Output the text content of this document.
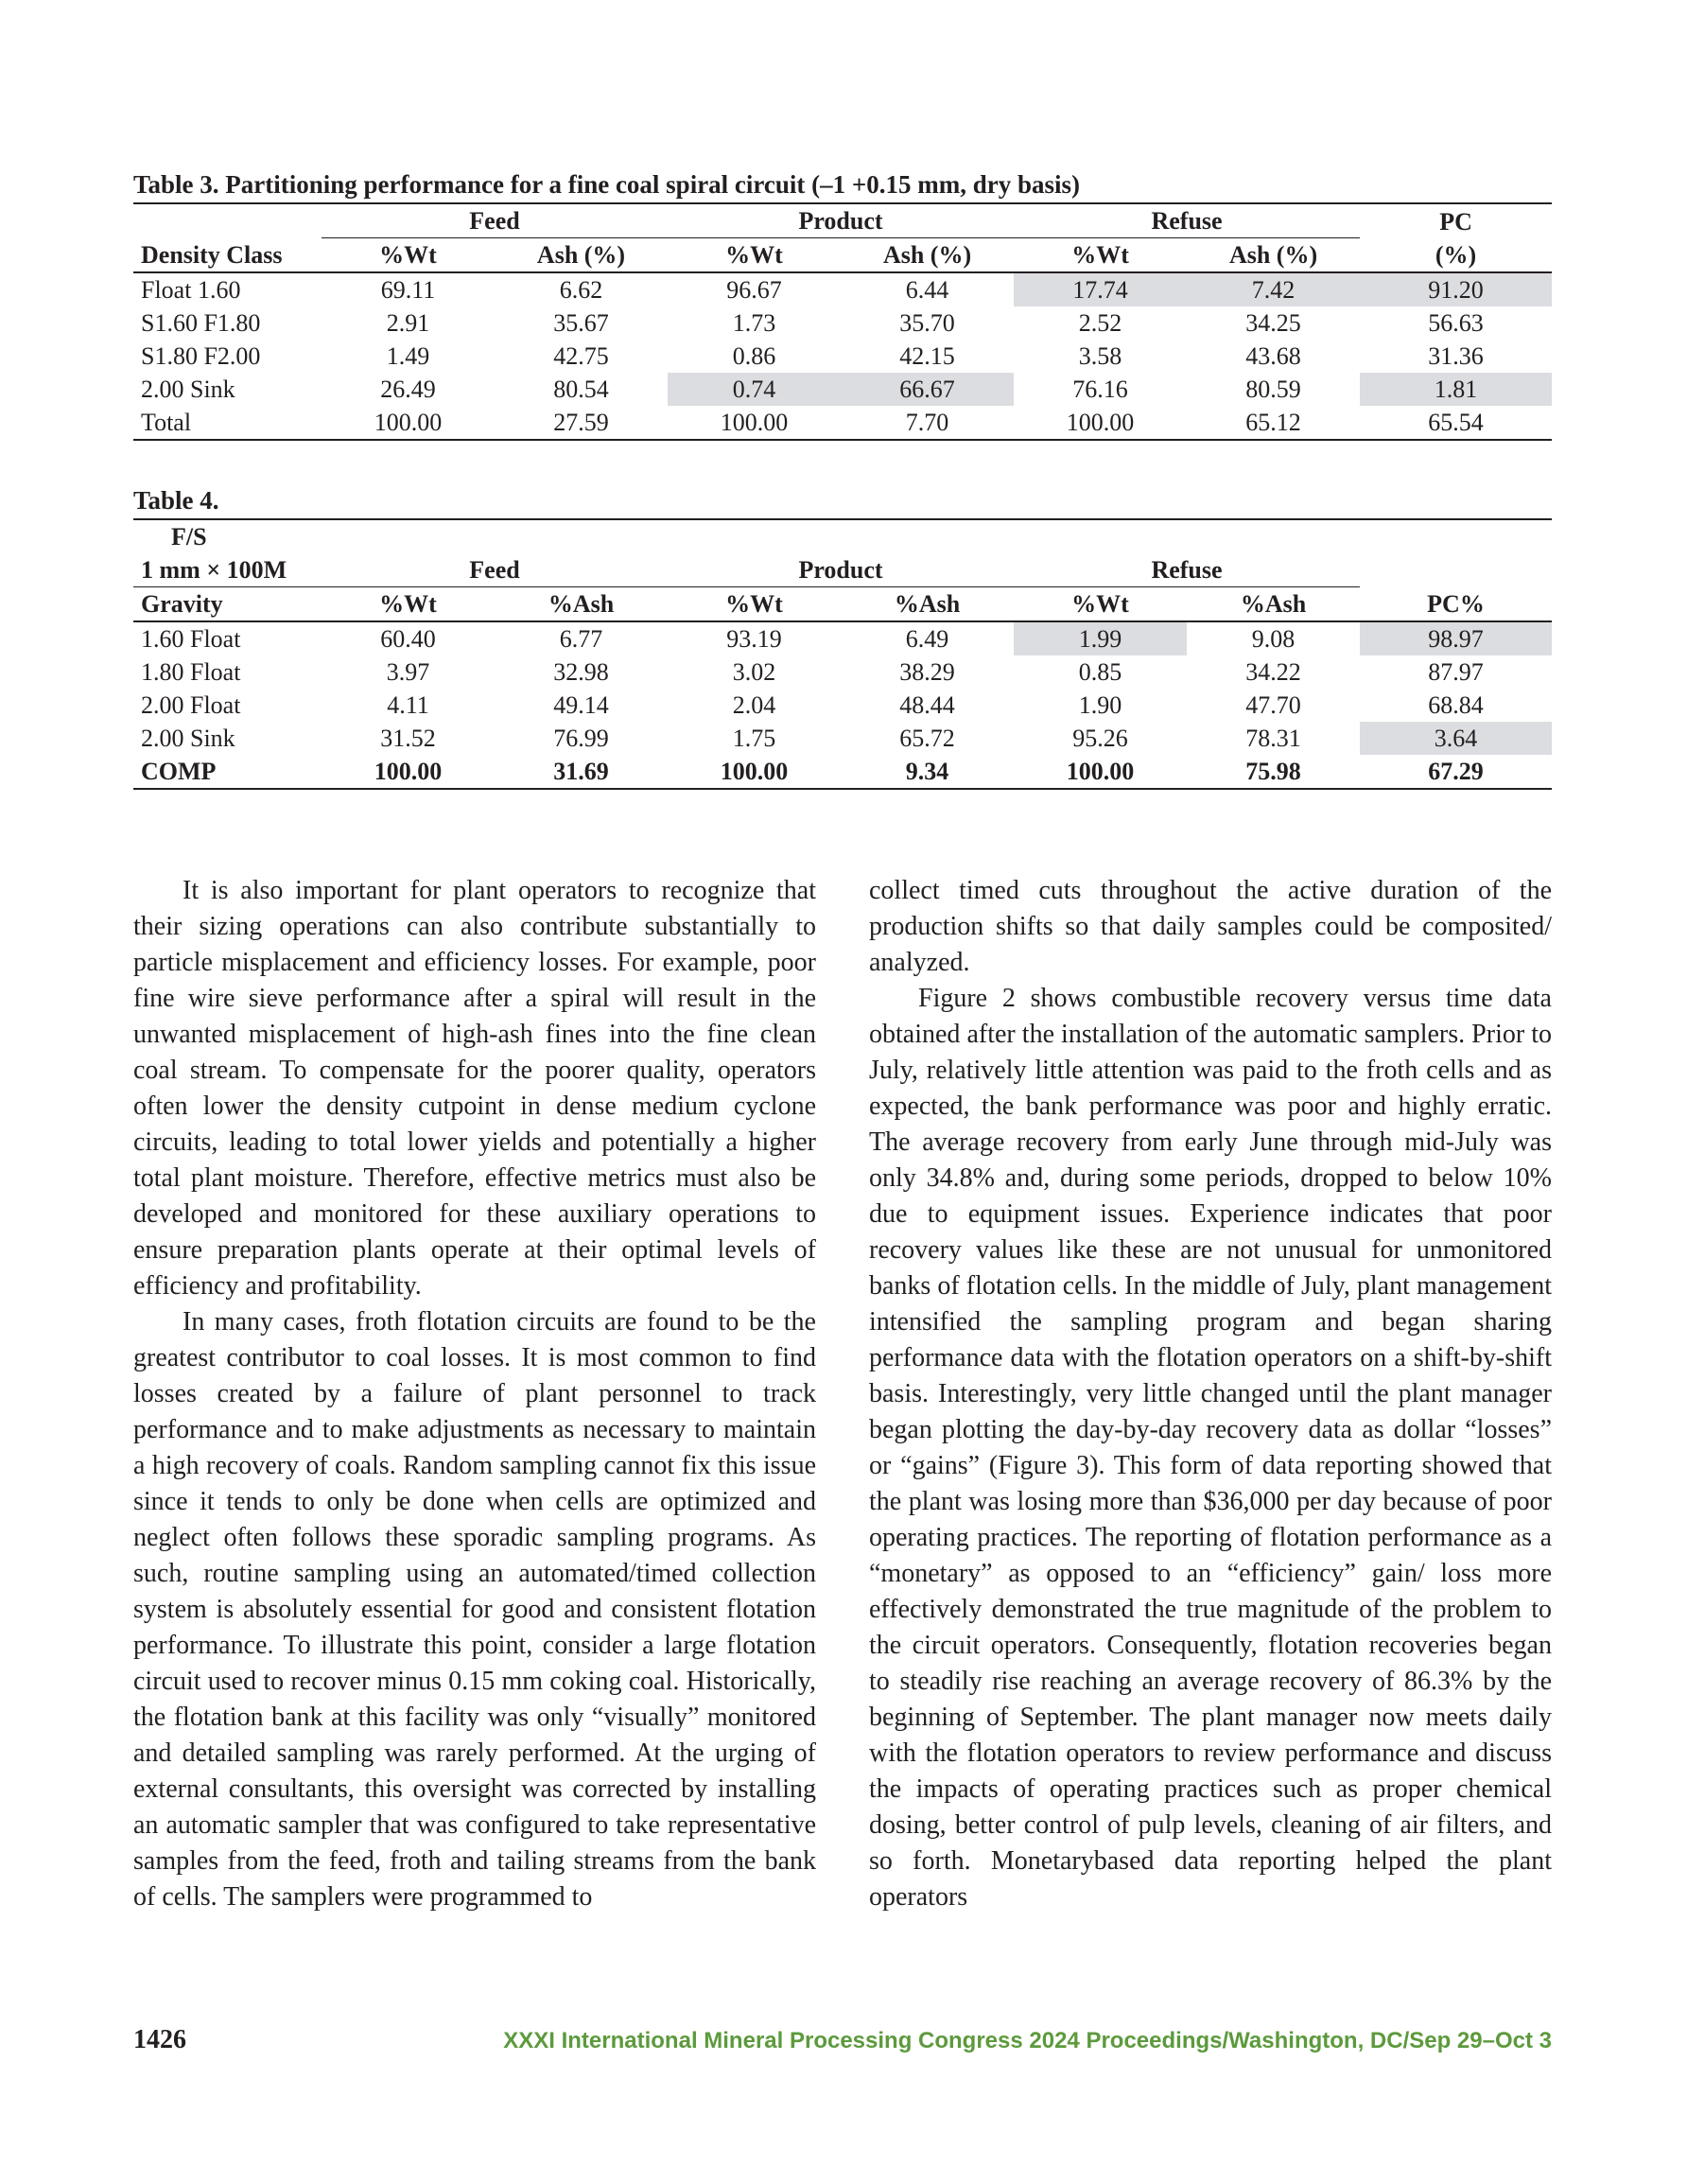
Table 3. Partitioning performance for a fine coal spiral circuit (–1 +0.15 mm, dry basis)
	Feed		Product		Refuse		PC
Density Class	%Wt	Ash (%)	%Wt	Ash (%)	%Wt	Ash (%)	(%)
Float 1.60	69.11	6.62	96.67	6.44	17.74	7.42	91.20
S1.60 F1.80	2.91	35.67	1.73	35.70	2.52	34.25	56.63
S1.80 F2.00	1.49	42.75	0.86	42.15	3.58	43.68	31.36
2.00 Sink	26.49	80.54	0.74	66.67	76.16	80.59	1.81
Total	100.00	27.59	100.00	7.70	100.00	65.12	65.54
Table 4.
F/S							
1 mm × 100M	Feed		Product		Refuse		
Gravity	%Wt	%Ash	%Wt	%Ash	%Wt	%Ash	PC%
1.60 Float	60.40	6.77	93.19	6.49	1.99	9.08	98.97
1.80 Float	3.97	32.98	3.02	38.29	0.85	34.22	87.97
2.00 Float	4.11	49.14	2.04	48.44	1.90	47.70	68.84
2.00 Sink	31.52	76.99	1.75	65.72	95.26	78.31	3.64
COMP	100.00	31.69	100.00	9.34	100.00	75.98	67.29

It is also important for plant operators to recognize that their sizing operations can also contribute substantially to particle misplacement and efficiency losses. For example, poor fine wire sieve performance after a spiral will result in the unwanted misplacement of high-ash fines into the fine clean coal stream. To compensate for the poorer quality, operators often lower the density cutpoint in dense medium cyclone circuits, leading to total lower yields and potentially a higher total plant moisture. Therefore, effective metrics must also be developed and monitored for these auxiliary operations to ensure preparation plants operate at their optimal levels of efficiency and profitability.

In many cases, froth flotation circuits are found to be the greatest contributor to coal losses. It is most common to find losses created by a failure of plant personnel to track performance and to make adjustments as necessary to maintain a high recovery of coals. Random sampling cannot fix this issue since it tends to only be done when cells are optimized and neglect often follows these sporadic sampling programs. As such, routine sampling using an automated/timed collection system is absolutely essential for good and consistent flotation performance. To illustrate this point, consider a large flotation circuit used to recover minus 0.15 mm coking coal. Historically, the flotation bank at this facility was only “visually” monitored and detailed sampling was rarely performed. At the urging of external consultants, this oversight was corrected by installing an automatic sampler that was configured to take representative samples from the feed, froth and tailing streams from the bank of cells. The samplers were programmed to

collect timed cuts throughout the active duration of the production shifts so that daily samples could be composited/ analyzed.

Figure 2 shows combustible recovery versus time data obtained after the installation of the automatic samplers. Prior to July, relatively little attention was paid to the froth cells and as expected, the bank performance was poor and highly erratic. The average recovery from early June through mid-July was only 34.8% and, during some periods, dropped to below 10% due to equipment issues. Experience indicates that poor recovery values like these are not unusual for unmonitored banks of flotation cells. In the middle of July, plant management intensified the sampling program and began sharing performance data with the flotation operators on a shift-by-shift basis. Interestingly, very little changed until the plant manager began plotting the day-by-day recovery data as dollar “losses” or “gains” (Figure 3). This form of data reporting showed that the plant was losing more than $36,000 per day because of poor operating practices. The reporting of flotation performance as a “monetary” as opposed to an “efficiency” gain/ loss more effectively demonstrated the true magnitude of the problem to the circuit operators. Consequently, flotation recoveries began to steadily rise reaching an average recovery of 86.3% by the beginning of September. The plant manager now meets daily with the flotation operators to review performance and discuss the impacts of operating practices such as proper chemical dosing, better control of pulp levels, cleaning of air filters, and so forth. Monetarybased data reporting helped the plant operators

1426	XXXI International Mineral Processing Congress 2024 Proceedings/Washington, DC/Sep 29–Oct 3
